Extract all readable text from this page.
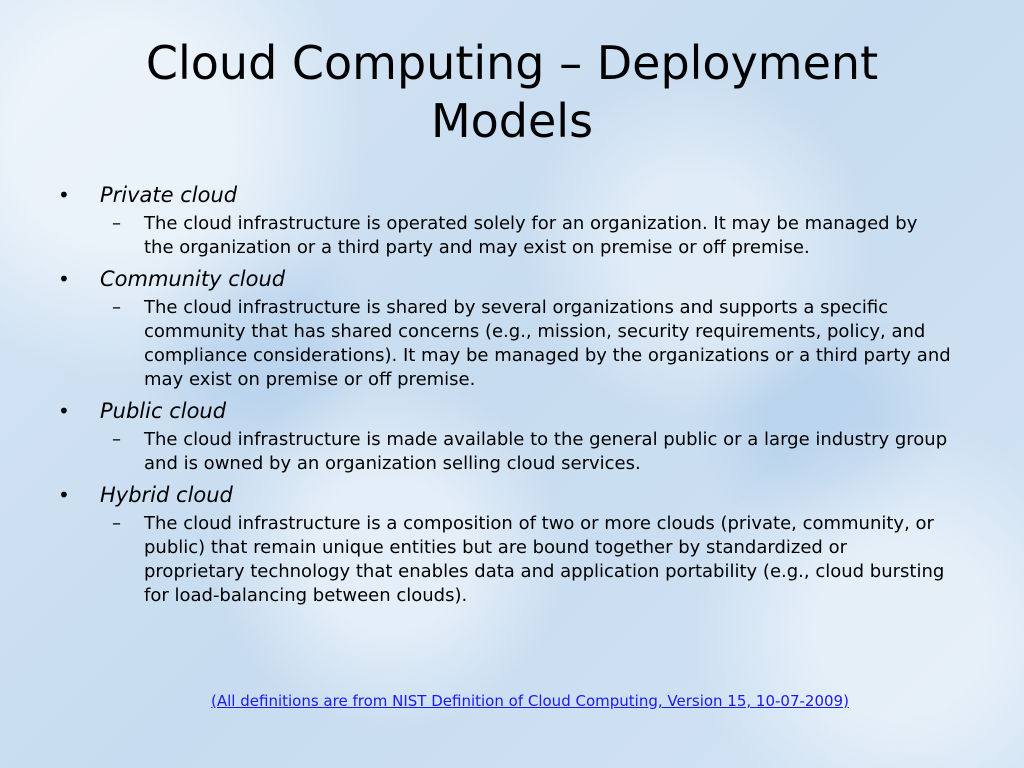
Cloud Computing – Deployment Models
•	Private cloud
–	The cloud infrastructure is operated solely for an organization. It may be managed by the organization or a third party and may exist on premise or off premise.
•	Community cloud
–	The cloud infrastructure is shared by several organizations and supports a specific community that has shared concerns (e.g., mission, security requirements, policy, and compliance considerations). It may be managed by the organizations or a third party and may exist on premise or off premise.
•	Public cloud
–	The cloud infrastructure is made available to the general public or a large industry group and is owned by an organization selling cloud services.
•	Hybrid cloud
–	The cloud infrastructure is a composition of two or more clouds (private, community, or public) that remain unique entities but are bound together by standardized or proprietary technology that enables data and application portability (e.g., cloud bursting for load-balancing between clouds).
(All definitions are from NIST Definition of Cloud Computing, Version 15, 10-07-2009)
